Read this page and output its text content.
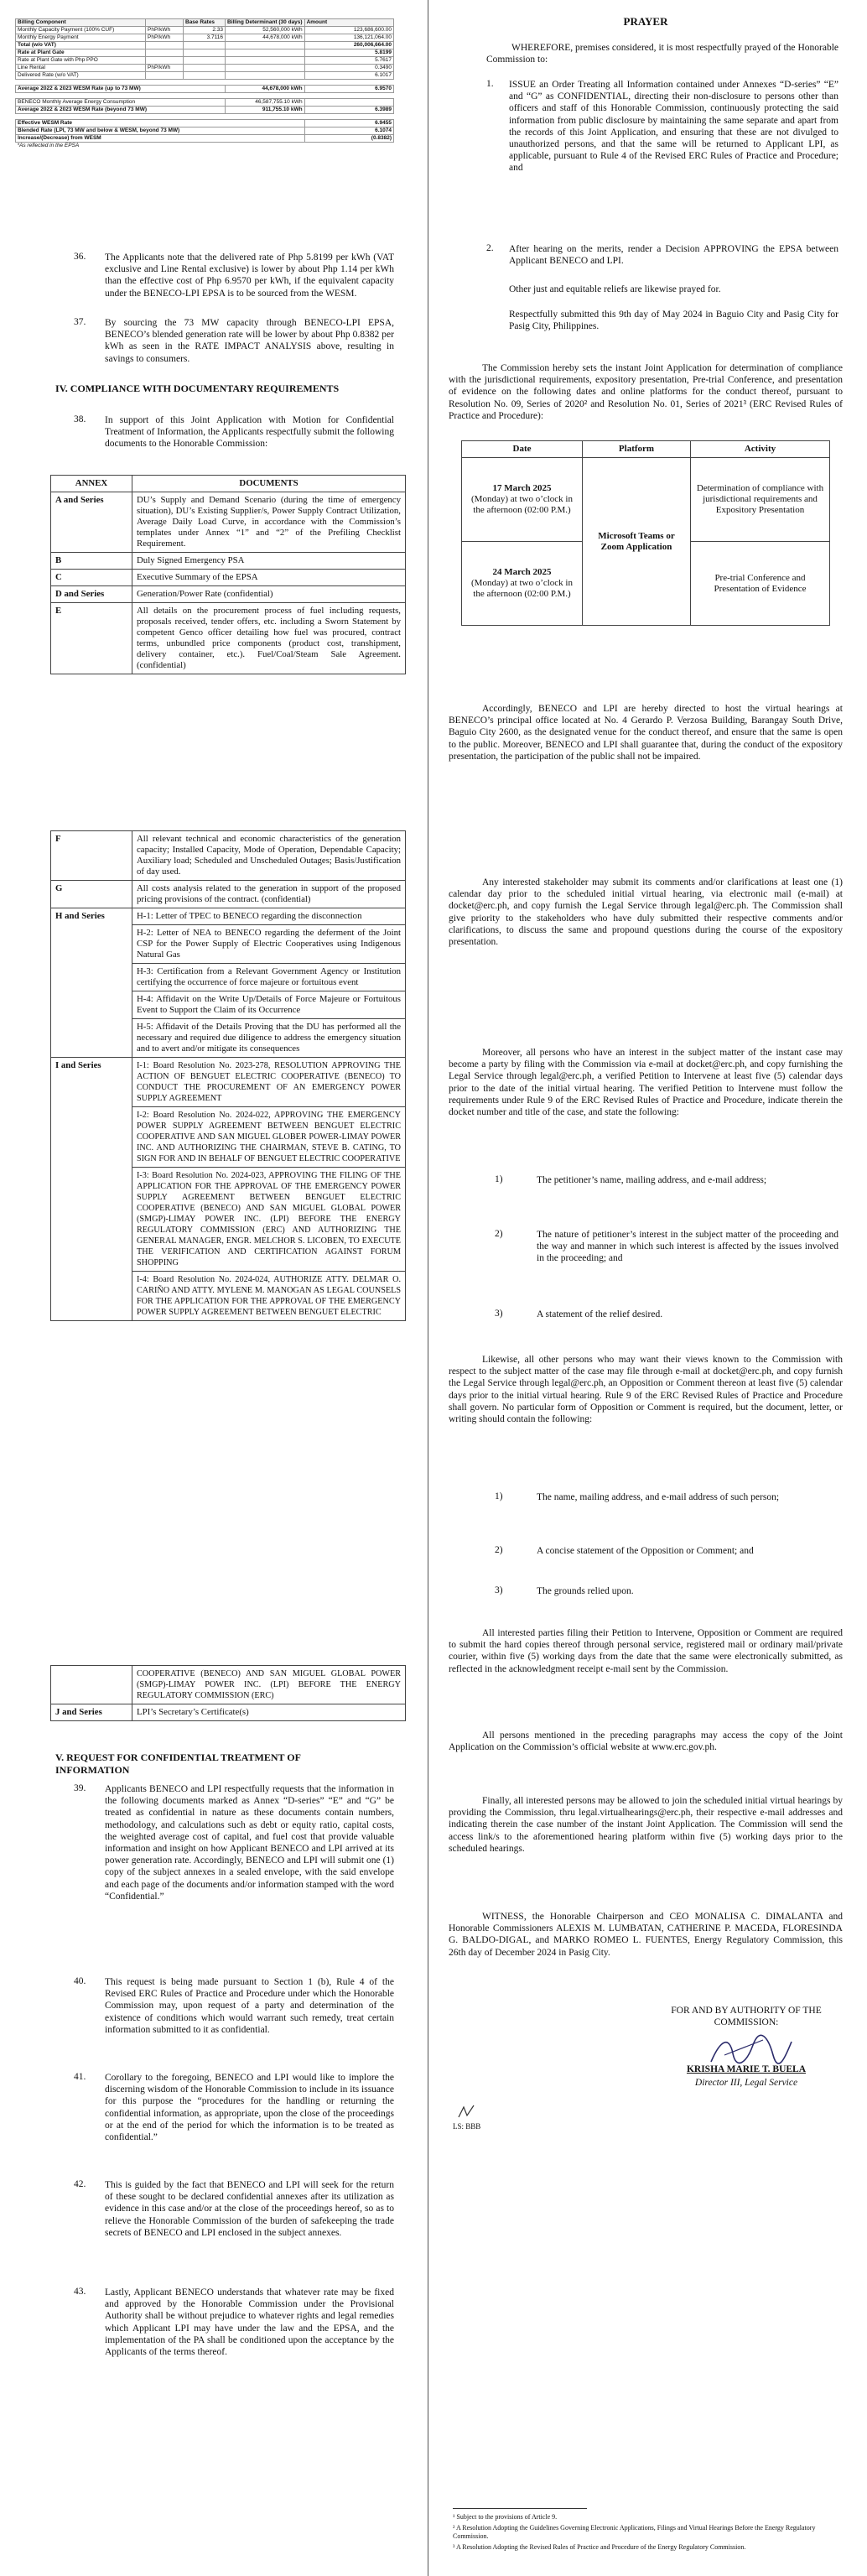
Billing Component		Base Rates	Billing Determinant (30 days)	Amount
Monthly Capacity Payment (100% CUF)	PhP/kWh	2.33	52,560,000 kWh	123,686,600.00
Monthly Energy Payment	PhP/kWh	3.7116	44,678,000 kWh	136,121,064.00
Total (w/o VAT)				260,006,664.00
Rate at Plant Gate				5.8199
Rate at Plant Gate with Php PPO				5.7617
Line Rental	PhP/kWh			0.3490
Delivered Rate (w/o VAT)				6.1017

Average 2022 & 2023 WESM Rate (up to 73 MW)			44,678,000 kWh	6.9570

BENECO Monthly Average Energy Consumption			46,587,755.10 kWh	
Average 2022 & 2023 WESM Rate (beyond 73 MW)			911,755.10 kWh	6.3989

Effective WESM Rate				6.9455
Blended Rate (LPI, 73 MW and below & WESM, beyond 73 MW)				6.1074
Increase/(Decrease) from WESM				(0.8382)
*As reflected in the EPSA				
36. The Applicants note that the delivered rate of Php 5.8199 per kWh (VAT exclusive and Line Rental exclusive) is lower by about Php 1.14 per kWh than the effective cost of Php 6.9570 per kWh, if the equivalent capacity under the BENECO-LPI EPSA is to be sourced from the WESM.

37. By sourcing the 73 MW capacity through BENECO-LPI EPSA, BENECO’s blended generation rate will be lower by about Php 0.8382 per kWh as seen in the RATE IMPACT ANALYSIS above, resulting in savings to consumers.

IV. COMPLIANCE WITH DOCUMENTARY REQUIREMENTS
38. In support of this Joint Application with Motion for Confidential Treatment of Information, the Applicants respectfully submit the following documents to the Honorable Commission:

ANNEX	DOCUMENTS
A and Series	DU’s Supply and Demand Scenario (during the time of emergency situation), DU’s Existing Supplier/s, Power Supply Contract Utilization, Average Daily Load Curve, in accordance with the Commission’s templates under Annex “1” and “2” of the Prefiling Checklist Requirement.
B	Duly Signed Emergency PSA
C	Executive Summary of the EPSA
D and Series	Generation/Power Rate (confidential)
E	All details on the procurement process of fuel including requests, proposals received, tender offers, etc. including a Sworn Statement by competent Genco officer detailing how fuel was procured, contract terms, unbundled price components (product cost, transhipment, delivery container, etc.). Fuel/Coal/Steam Sale Agreement. (confidential)
F	All relevant technical and economic characteristics of the generation capacity; Installed Capacity, Mode of Operation, Dependable Capacity; Auxiliary load; Scheduled and Unscheduled Outages; Basis/Justification of day used.
G	All costs analysis related to the generation in support of the proposed pricing provisions of the contract. (confidential)
H and Series	H-1: Letter of TPEC to BENECO regarding the disconnection
	H-2: Letter of NEA to BENECO regarding the deferment of the Joint CSP for the Power Supply of Electric Cooperatives using Indigenous Natural Gas
	H-3: Certification from a Relevant Government Agency or Institution certifying the occurrence of force majeure or fortuitous event
	H-4: Affidavit on the Write Up/Details of Force Majeure or Fortuitous Event to Support the Claim of its Occurrence
	H-5: Affidavit of the Details Proving that the DU has performed all the necessary and required due diligence to address the emergency situation and to avert and/or mitigate its consequences
I and Series	I-1: Board Resolution No. 2023-278, RESOLUTION APPROVING THE ACTION OF BENGUET ELECTRIC COOPERATIVE (BENECO) TO CONDUCT THE PROCUREMENT OF AN EMERGENCY POWER SUPPLY AGREEMENT
	I-2: Board Resolution No. 2024-022, APPROVING THE EMERGENCY POWER SUPPLY AGREEMENT BETWEEN BENGUET ELECTRIC COOPERATIVE AND SAN MIGUEL GLOBER POWER-LIMAY POWER INC. AND AUTHORIZING THE CHAIRMAN, STEVE B. CATING, TO SIGN FOR AND IN BEHALF OF BENGUET ELECTRIC COOPERATIVE
	I-3: Board Resolution No. 2024-023, APPROVING THE FILING OF THE APPLICATION FOR THE APPROVAL OF THE EMERGENCY POWER SUPPLY AGREEMENT BETWEEN BENGUET ELECTRIC COOPERATIVE (BENECO) AND SAN MIGUEL GLOBAL POWER (SMGP)-LIMAY POWER INC. (LPI) BEFORE THE ENERGY REGULATORY COMMISSION (ERC) AND AUTHORIZING THE GENERAL MANAGER, ENGR. MELCHOR S. LICOBEN, TO EXECUTE THE VERIFICATION AND CERTIFICATION AGAINST FORUM SHOPPING
	I-4: Board Resolution No. 2024-024, AUTHORIZE ATTY. DELMAR O. CARIÑO AND ATTY. MYLENE M. MANOGAN AS LEGAL COUNSELS FOR THE APPLICATION FOR THE APPROVAL OF THE EMERGENCY POWER SUPPLY AGREEMENT BETWEEN BENGUET ELECTRIC
	COOPERATIVE (BENECO) AND SAN MIGUEL GLOBAL POWER (SMGP)-LIMAY POWER INC. (LPI) BEFORE THE ENERGY REGULATORY COMMISSION (ERC)
J and Series	LPI’s Secretary’s Certificate(s)
V. REQUEST FOR CONFIDENTIAL TREATMENT OF INFORMATION
39. Applicants BENECO and LPI respectfully requests that the information in the following documents marked as Annex “D-series” “E” and “G” be treated as confidential in nature as these documents contain numbers, methodology, and calculations such as debt or equity ratio, capital costs, the weighted average cost of capital, and fuel cost that provide valuable information and insight on how Applicant BENECO and LPI arrived at its power generation rate. Accordingly, BENECO and LPI will submit one (1) copy of the subject annexes in a sealed envelope, with the said envelope and each page of the documents and/or information stamped with the word “Confidential.”

40. This request is being made pursuant to Section 1 (b), Rule 4 of the Revised ERC Rules of Practice and Procedure under which the Honorable Commission may, upon request of a party and determination of the existence of conditions which would warrant such remedy, treat certain information submitted to it as confidential.

41. Corollary to the foregoing, BENECO and LPI would like to implore the discerning wisdom of the Honorable Commission to include in its issuance for this purpose the “procedures for the handling or returning the confidential information, as appropriate, upon the close of the proceedings or at the end of the period for which the information is to be treated as confidential.”

42. This is guided by the fact that BENECO and LPI will seek for the return of these sought to be declared confidential annexes after its utilization as evidence in this case and/or at the close of the proceedings hereof, so as to relieve the Honorable Commission of the burden of safekeeping the trade secrets of BENECO and LPI enclosed in the subject annexes.

43. Lastly, Applicant BENECO understands that whatever rate may be fixed and approved by the Honorable Commission under the Provisional Authority shall be without prejudice to whatever rights and legal remedies which Applicant LPI may have under the law and the EPSA, and the implementation of the PA shall be conditioned upon the acceptance by the Applicants of the terms thereof.

PRAYER

WHEREFORE, premises considered, it is most respectfully prayed of the Honorable Commission to:

1. ISSUE an Order Treating all Information contained under Annexes “D-series” “E” and “G” as CONFIDENTIAL, directing their non-disclosure to persons other than officers and staff of this Honorable Commission, continuously protecting the said information from public disclosure by maintaining the same separate and apart from the records of this Joint Application, and ensuring that these are not divulged to unauthorized persons, and that the same will be returned to Applicant LPI, as applicable, pursuant to Rule 4 of the Revised ERC Rules of Practice and Procedure; and

2. After hearing on the merits, render a Decision APPROVING the EPSA between Applicant BENECO and LPI.

Other just and equitable reliefs are likewise prayed for.

Respectfully submitted this 9th day of May 2024 in Baguio City and Pasig City for Pasig City, Philippines.

The Commission hereby sets the instant Joint Application for determination of compliance with the jurisdictional requirements, expository presentation, Pre-trial Conference, and presentation of evidence on the following dates and online platforms for the conduct thereof, pursuant to Resolution No. 09, Series of 2020² and Resolution No. 01, Series of 2021³ (ERC Revised Rules of Practice and Procedure):

Date	Platform	Activity
17 March 2025
(Monday) at two o’clock in the afternoon (02:00 P.M.)	Microsoft Teams or Zoom Application	Determination of compliance with jurisdictional requirements and Expository Presentation
24 March 2025
(Monday) at two o’clock in the afternoon (02:00 P.M.)		Pre-trial Conference and Presentation of Evidence

Accordingly, BENECO and LPI are hereby directed to host the virtual hearings at BENECO’s principal office located at No. 4 Gerardo P. Verzosa Building, Barangay South Drive, Baguio City 2600, as the designated venue for the conduct thereof, and ensure that the same is open to the public. Moreover, BENECO and LPI shall guarantee that, during the conduct of the expository presentation, the participation of the public shall not be impaired.

Any interested stakeholder may submit its comments and/or clarifications at least one (1) calendar day prior to the scheduled initial virtual hearing, via electronic mail (e-mail) at docket@erc.ph, and copy furnish the Legal Service through legal@erc.ph. The Commission shall give priority to the stakeholders who have duly submitted their respective comments and/or clarifications, to discuss the same and propound questions during the course of the expository presentation.

Moreover, all persons who have an interest in the subject matter of the instant case may become a party by filing with the Commission via e-mail at docket@erc.ph, and copy furnishing the Legal Service through legal@erc.ph, a verified Petition to Intervene at least five (5) calendar days prior to the date of the initial virtual hearing. The verified Petition to Intervene must follow the requirements under Rule 9 of the ERC Revised Rules of Practice and Procedure, indicate therein the docket number and title of the case, and state the following:

1)	The petitioner’s name, mailing address, and e-mail address;

2)	The nature of petitioner’s interest in the subject matter of the proceeding and the way and manner in which such interest is affected by the issues involved in the proceeding; and

3)	A statement of the relief desired.

Likewise, all other persons who may want their views known to the Commission with respect to the subject matter of the case may file through e-mail at docket@erc.ph, and copy furnish the Legal Service through legal@erc.ph, an Opposition or Comment thereon at least five (5) calendar days prior to the initial virtual hearing. Rule 9 of the ERC Revised Rules of Practice and Procedure shall govern. No particular form of Opposition or Comment is required, but the document, letter, or writing should contain the following:

1)	The name, mailing address, and e-mail address of such person;

2)	A concise statement of the Opposition or Comment; and

3)	The grounds relied upon.

All interested parties filing their Petition to Intervene, Opposition or Comment are required to submit the hard copies thereof through personal service, registered mail or ordinary mail/private courier, within five (5) working days from the date that the same were electronically submitted, as reflected in the acknowledgment receipt e-mail sent by the Commission.

All persons mentioned in the preceding paragraphs may access the copy of the Joint Application on the Commission’s official website at www.erc.gov.ph.

Finally, all interested persons may be allowed to join the scheduled initial virtual hearings by providing the Commission, thru legal.virtualhearings@erc.ph, their respective e-mail addresses and indicating therein the case number of the instant Joint Application. The Commission will send the access link/s to the aforementioned hearing platform within five (5) working days prior to the scheduled hearings.

WITNESS, the Honorable Chairperson and CEO MONALISA C. DIMALANTA and Honorable Commissioners ALEXIS M. LUMBATAN, CATHERINE P. MACEDA, FLORESINDA G. BALDO-DIGAL, and MARKO ROMEO L. FUENTES, Energy Regulatory Commission, this 26th day of December 2024 in Pasig City.

FOR AND BY AUTHORITY OF THE COMMISSION:
KRISHA MARIE T. BUELA
Director III, Legal Service
LS: BBB

¹ Subject to the provisions of Article 9.

² A Resolution Adopting the Guidelines Governing Electronic Applications, Filings and Virtual Hearings Before the Energy Regulatory Commission.

³ A Resolution Adopting the Revised Rules of Practice and Procedure of the Energy Regulatory Commission.
